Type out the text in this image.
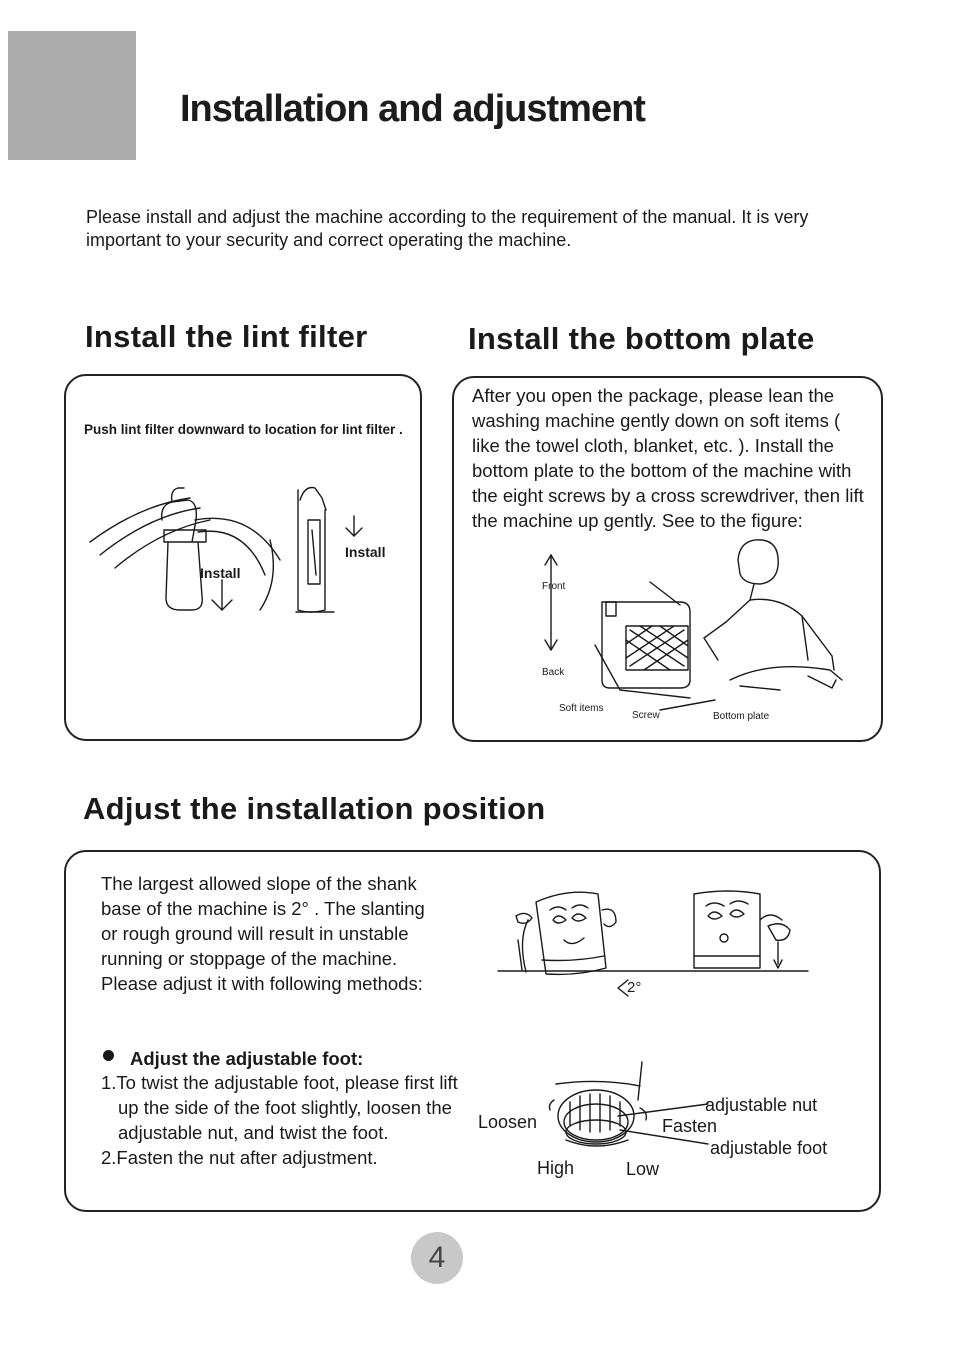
Installation and adjustment
Please install and adjust the machine according to the requirement of the manual. It is very important to your security and correct operating the machine.
Install the lint filter	Install the bottom plate
Push lint filter downward to location for lint filter .
Install
Install
After you open the package, please lean the washing machine gently down on soft items ( like the towel cloth, blanket, etc. ). Install the bottom plate to the bottom of the machine with the eight screws by a cross screwdriver, then lift the machine up gently. See to the figure:
Front
Back
Soft items
Screw	Bottom plate
Adjust the installation position
The largest allowed slope of the shank base of the machine is 2° . The slanting or rough ground will result in unstable running or stoppage of the machine. Please adjust it with following methods:
Adjust the adjustable foot:
1.To twist the adjustable foot, please first lift up the side of the foot slightly, loosen the adjustable nut, and twist the foot.
2.Fasten the nut after adjustment.
2°
Loosen	Fasten
High	Low
adjustable nut
adjustable foot
4
